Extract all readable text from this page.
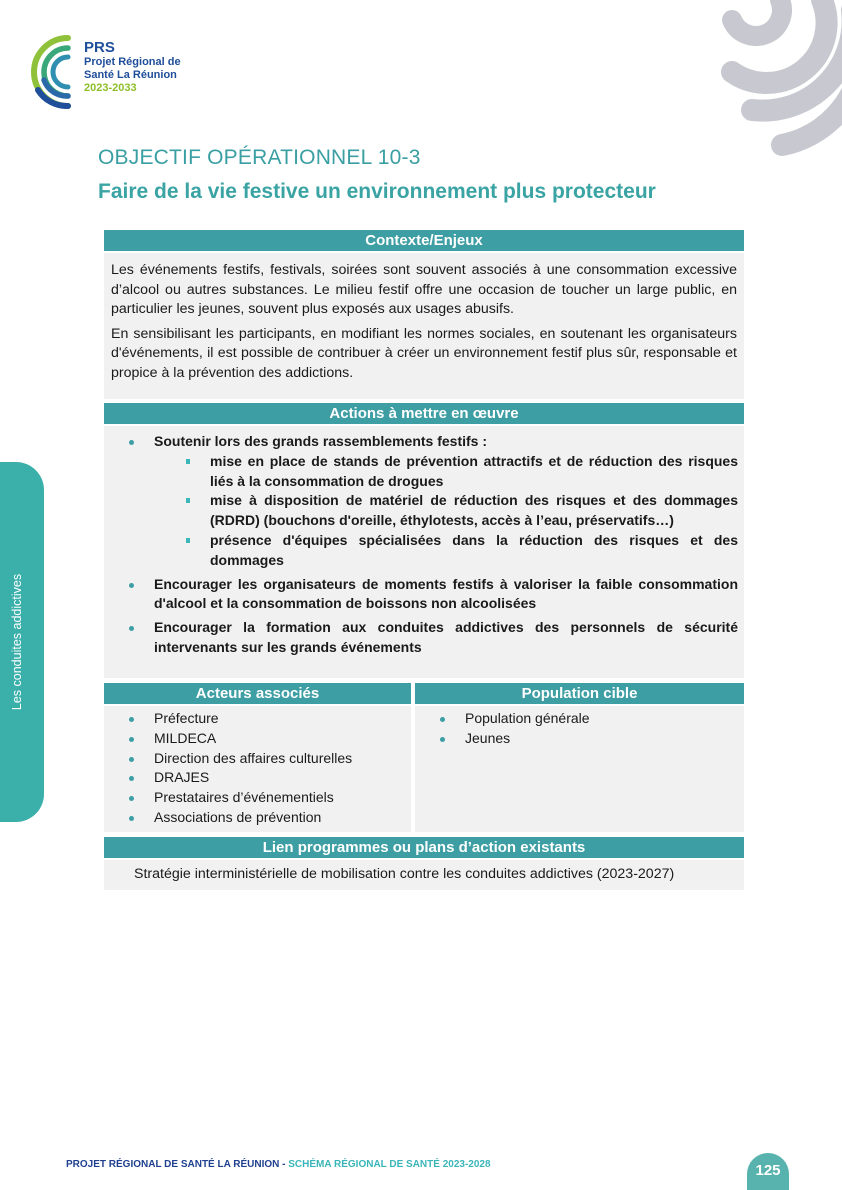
PRS
Projet Régional de
Santé La Réunion
2023-2033
OBJECTIF OPÉRATIONNEL 10-3
Faire de la vie festive un environnement plus protecteur
Contexte/Enjeux

Les événements festifs, festivals, soirées sont souvent associés à une consommation excessive d’alcool ou autres substances. Le milieu festif offre une occasion de toucher un large public, en particulier les jeunes, souvent plus exposés aux usages abusifs.

En sensibilisant les participants, en modifiant les normes sociales, en soutenant les organisateurs d'événements, il est possible de contribuer à créer un environnement festif plus sûr, responsable et propice à la prévention des addictions.

Actions à mettre en œuvre
Soutenir lors des grands rassemblements festifs :
mise en place de stands de prévention attractifs et de réduction des risques liés à la consommation de drogues
mise à disposition de matériel de réduction des risques et des dommages (RDRD) (bouchons d'oreille, éthylotests, accès à l’eau, préservatifs…)
présence d'équipes spécialisées dans la réduction des risques et des dommages
Encourager les organisateurs de moments festifs à valoriser la faible consommation d'alcool et la consommation de boissons non alcoolisées
Encourager la formation aux conduites addictives des personnels de sécurité intervenants sur les grands événements
Acteurs associés	Population cible
Préfecture
MILDECA
Direction des affaires culturelles
DRAJES
Prestataires d’événementiels
Associations de prévention
Population générale
Jeunes
Lien programmes ou plans d’action existants
Stratégie interministérielle de mobilisation contre les conduites addictives (2023-2027)
Les conduites addictives
PROJET RÉGIONAL DE SANTÉ LA RÉUNION - SCHÉMA RÉGIONAL DE SANTÉ 2023-2028	125
